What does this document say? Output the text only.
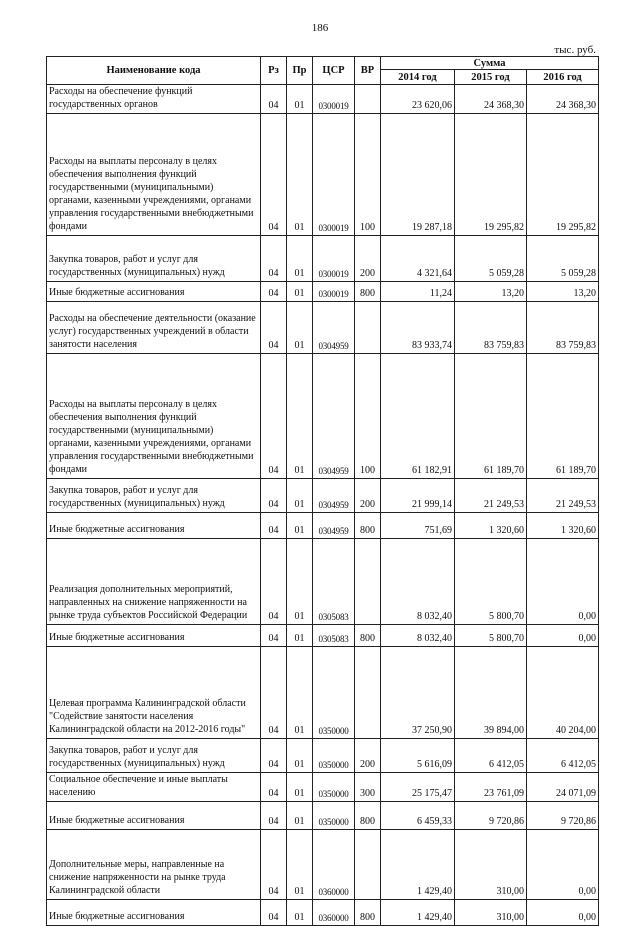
186
тыс. руб.
Наименование кода	Рз	Пр	ЦСР	ВР	Сумма		
					2014 год	2015 год	2016 год
Расходы на обеспечение функций государственных органов	04	01	0300019		23 620,06	24 368,30	24 368,30
Расходы на выплаты персоналу в целях обеспечения выполнения функций государственными (муниципальными) органами, казенными учреждениями, органами управления государственными внебюджетными фондами	04	01	0300019	100	19 287,18	19 295,82	19 295,82
Закупка товаров, работ и услуг для государственных (муниципальных) нужд	04	01	0300019	200	4 321,64	5 059,28	5 059,28
Иные бюджетные ассигнования	04	01	0300019	800	11,24	13,20	13,20
Расходы на обеспечение деятельности (оказание услуг) государственных учреждений в области занятости населения	04	01	0304959		83 933,74	83 759,83	83 759,83
Расходы на выплаты персоналу в целях обеспечения выполнения функций государственными (муниципальными) органами, казенными учреждениями, органами управления государственными внебюджетными фондами	04	01	0304959	100	61 182,91	61 189,70	61 189,70
Закупка товаров, работ и услуг для государственных (муниципальных) нужд	04	01	0304959	200	21 999,14	21 249,53	21 249,53
Иные бюджетные ассигнования	04	01	0304959	800	751,69	1 320,60	1 320,60
Реализация дополнительных мероприятий, направленных на снижение напряженности на рынке труда субъектов Российской Федерации	04	01	0305083		8 032,40	5 800,70	0,00
Иные бюджетные ассигнования	04	01	0305083	800	8 032,40	5 800,70	0,00
Целевая программа Калининградской области "Содействие занятости населения Калининградской области на 2012-2016 годы"	04	01	0350000		37 250,90	39 894,00	40 204,00
Закупка товаров, работ и услуг для государственных (муниципальных) нужд	04	01	0350000	200	5 616,09	6 412,05	6 412,05
Социальное обеспечение и иные выплаты населению	04	01	0350000	300	25 175,47	23 761,09	24 071,09
Иные бюджетные ассигнования	04	01	0350000	800	6 459,33	9 720,86	9 720,86
Дополнительные меры, направленные на снижение напряженности на рынке труда Калининградской области	04	01	0360000		1 429,40	310,00	0,00
Иные бюджетные ассигнования	04	01	0360000	800	1 429,40	310,00	0,00
